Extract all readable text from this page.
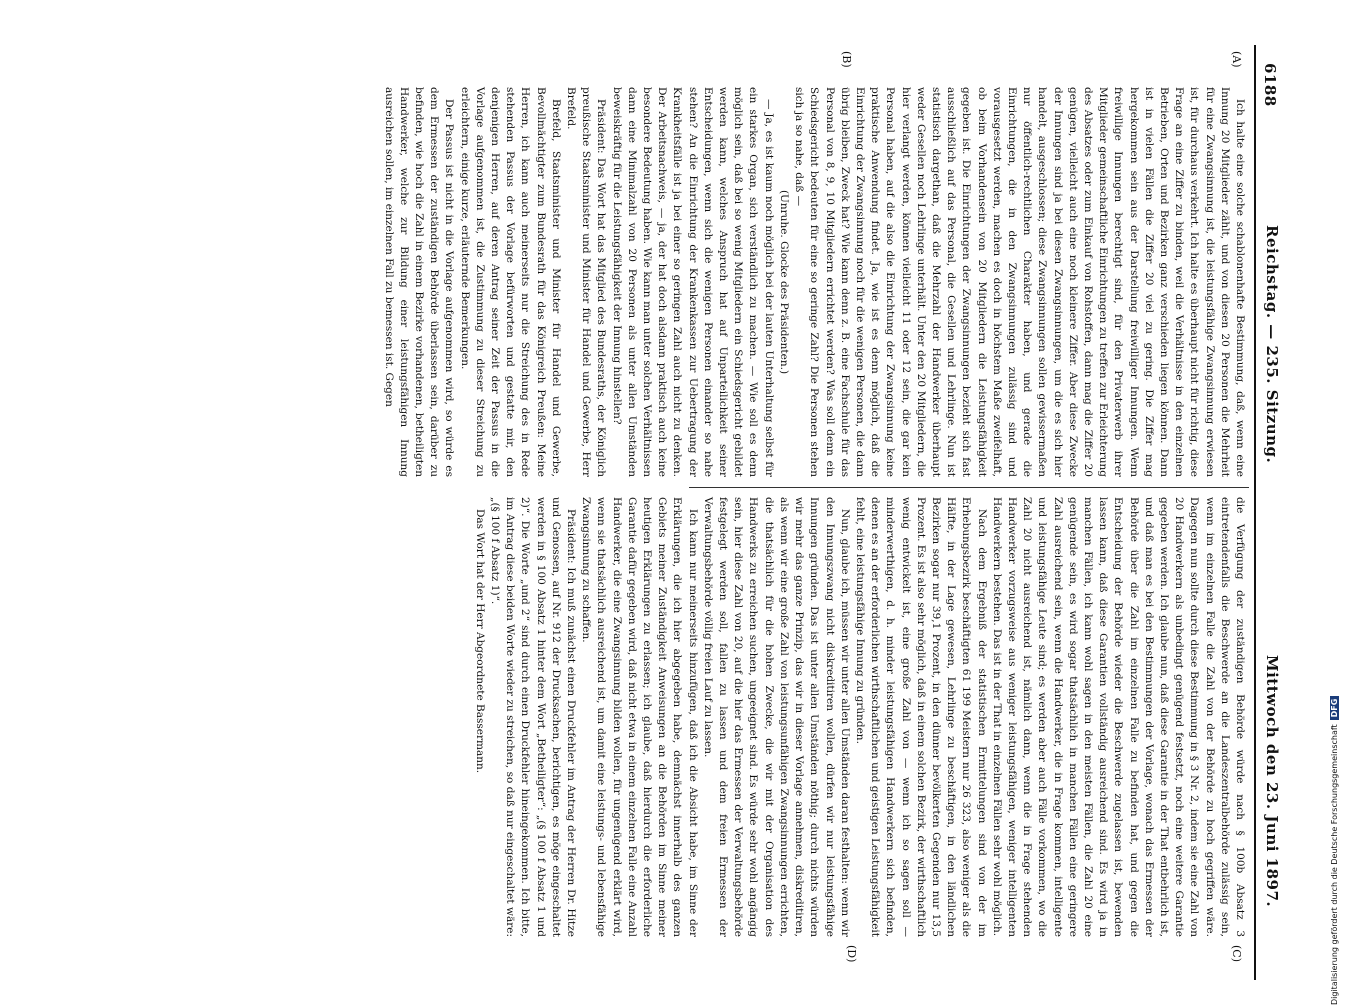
6188
Reichstag. — 235. Sitzung.
Mittwoch den 23. Juni 1897.
(A)
(B)
(C)
(D)

Ich halte eine solche schablonenhafte Bestimmung, daß, wenn eine Innung 20 Mitglieder zählt, und von diesen 20 Personen die Mehrheit für eine Zwangsinnung ist, die leistungsfähige Zwangsinnung erwiesen ist, für durchaus verkehrt. Ich halte es überhaupt nicht für richtig, diese Frage an eine Ziffer zu binden, weil die Verhältnisse in den einzelnen Betrieben, Orten und Bezirken ganz verschieden liegen können. Dann ist in vielen Fällen die Ziffer 20 viel zu gering. Die Ziffer mag hergekommen sein aus der Darstellung freiwilliger Innungen. Wenn freiwillige Innungen berechtigt sind, für den Privaterwerb ihrer Mitglieder gemeinschaftliche Einrichtungen zu treffen zur Erleichterung des Absatzes oder zum Einkauf von Rohstoffen, dann mag die Ziffer 20 genügen, vielleicht auch eine noch kleinere Ziffer. Aber diese Zwecke der Innungen sind ja bei diesen Zwangsinnungen, um die es sich hier handelt, ausgeschlossen; diese Zwangsinnungen sollen gewissermaßen nur öffentlich-rechtlichen Charakter haben, und gerade die Einrichtungen, die in den Zwangsinnungen zulässig sind und vorausgesetzt werden, machen es doch in höchstem Maße zweifelhaft, ob beim Vorhandensein von 20 Mitgliedern die Leistungsfähigkeit gegeben ist. Die Einrichtungen der Zwangsinnungen bezieht sich fast ausschließlich auf das Personal, die Gesellen und Lehrlinge. Nun ist statistisch dargethan, daß die Mehrzahl der Handwerker überhaupt weder Gesellen noch Lehrlinge unterhält. Unter den 20 Mitgliedern, die hier verlangt werden, können vielleicht 11 oder 12 sein, die gar kein Personal haben, auf die also die Einrichtung der Zwangsinnung keine praktische Anwendung findet. Ja, wie ist es denn möglich, daß die Einrichtung der Zwangsinnung noch für die wenigen Personen, die dann übrig bleiben, Zweck hat? Wie kann denn z. B. eine Fachschule für das Personal von 8, 9, 10 Mitgliedern errichtet werden? Was soll denn ein Schiedsgericht bedeuten für eine so geringe Zahl? Die Personen stehen sich ja so nahe, daß —

(Unruhe. Glocke des Präsidenten.)

— Ja, es ist kaum noch möglich bei der lauten Unterhaltung selbst für ein starkes Organ, sich verständlich zu machen. — Wie soll es denn möglich sein, daß bei so wenig Mitgliedern ein Schiedsgericht gebildet werden kann, welches Anspruch hat auf Unparteilichkeit seiner Entscheidungen, wenn sich die wenigen Personen einander so nahe stehen? An die Einrichtung der Krankenkassen zur Uebertragung der Krankheitsfälle ist ja bei einer so geringen Zahl auch nicht zu denken. Der Arbeitsnachweis, — ja, der hat doch alsdann praktisch auch keine besondere Bedeutung haben. Wie kann man unter solchen Verhältnissen dann eine Minimalzahl von 20 Personen als unter allen Umständen beweiskräftig für die Leistungsfähigkeit der Innung hinstellen?

Präsident: Das Wort hat das Mitglied des Bundesraths, der Königlich preußische Staatsminister und Minister für Handel und Gewerbe, Herr Brefeld.

Brefeld, Staatsminister und Minister für Handel und Gewerbe, Bevollmächtigter zum Bundesrath für das Königreich Preußen: Meine Herren, ich kann auch meinerseits nur die Streichung des in Rede stehenden Passus der Vorlage befürworten und gestatte mir, den denjenigen Herren, auf deren Antrag seiner Zeit der Passus in die Vorlage aufgenommen ist, die Zustimmung zu dieser Streichung zu erleichtern, einige kurze, erläuternde Bemerkungen.

Der Passus ist nicht in die Vorlage aufgenommen wird, so würde es dem Ermessen der zuständigen Behörde überlassen sein, darüber zu befinden, wie hoch die Zahl in einem Bezirke vorhandenen, betheiligten Handwerker, welche zur Bildung einer leistungsfähigen Innung ausreichen sollen, im einzelnen Fall zu bemessen ist. Gegen

die Verfügung der zuständigen Behörde würde nach § 100b Absatz 3 eintretendenfalls die Beschwerde an die Landeszentralbehörde zulässig sein, wenn im einzelnen Falle die Zahl von der Behörde zu hoch gegriffen wäre. Dagegen nun sollte durch diese Bestimmung in § 3 Nr. 2, indem sie eine Zahl von 20 Handwerkern als unbedingt genügend festsetzt, noch eine weitere Garantie gegeben werden. Ich glaube nun, daß diese Garantie in der That entbehrlich ist, und daß man es bei den Bestimmungen der Vorlage, wonach das Ermessen der Behörde über die Zahl im einzelnen Falle zu befinden hat, und gegen die Entscheidung der Behörde wieder die Beschwerde zugelassen ist, bewenden lassen kann, daß diese Garantien vollständig ausreichend sind. Es wird ja in manchen Fällen, ich kann wohl sagen in den meisten Fällen, die Zahl 20 eine genügende sein, es wird sogar thatsächlich in manchen Fällen eine geringere Zahl ausreichend sein, wenn die Handwerker, die in Frage kommen, intelligente und leistungsfähige Leute sind; es werden aber auch Fälle vorkommen, wo die Zahl 20 nicht ausreichend ist, nämlich dann, wenn die in Frage stehenden Handwerker vorzugsweise aus weniger leistungsfähigen, weniger intelligenten Handwerkern bestehen. Das ist in der That in einzelnen Fällen sehr wohl möglich.

Nach dem Ergebniß der statistischen Ermittelungen sind von der im Erhebungsbezirk beschäftigten 61 199 Meistern nur 26 323, also weniger als die Hälfte, in der Lage gewesen, Lehrlinge zu beschäftigen, in den ländlichen Bezirken sogar nur 39,1 Prozent, in den dünner bevölkerten Gegenden nur 13,5 Prozent. Es ist also sehr möglich, daß in einem solchen Bezirk, der wirthschaftlich wenig entwickelt ist, eine große Zahl von — wenn ich so sagen soll — minderwerthigen, d. h. minder leistungsfähigen Handwerkern sich befinden, denen es an der erforderlichen wirthschaftlichen und geistigen Leistungsfähigkeit fehlt, eine leistungsfähige Innung zu gründen.

Nun, glaube ich, müssen wir unter allen Umständen daran festhalten: wenn wir den Innungszwang nicht diskreditiren wollen, dürfen wir nur leistungsfähige Innungen gründen. Das ist unter allen Umständen nöthig; durch nichts würden wir mehr das ganze Prinzip, das wir in dieser Vorlage annehmen, diskreditiren, als wenn wir eine große Zahl von leistungsunfähigen Zwangsinnungen errichten, die thatsächlich für die hohen Zwecke, die wir mit der Organisation des Handwerks zu erreichen suchen, ungeeignet sind. Es würde sehr wohl angängig sein, hier diese Zahl von 20, auf die hier das Ermessen der Verwaltungsbehörde festgelegt werden soll, fallen zu lassen und dem freien Ermessen der Verwaltungsbehörde völlig freien Lauf zu lassen.

Ich kann nur meinerseits hinzufügen, daß ich die Absicht habe, im Sinne der Erklärungen, die ich hier abgegeben habe, demnächst innerhalb des ganzen Gebiets meiner Zuständigkeit Anweisungen an die Behörden im Sinne meiner heutigen Erklärungen zu erlassen; ich glaube, daß hierdurch die erforderliche Garantie dafür gegeben wird, daß nicht etwa in einem einzelnen Falle eine Anzahl Handwerker, die eine Zwangsinnung bilden wollen, für ungenügend erklärt wird, wenn sie thatsächlich ausreichend ist, um damit eine leistungs- und lebensfähige Zwangsinnung zu schaffen.

Präsident: Ich muß zunächst einen Druckfehler im Antrag der Herren Dr. Hitze und Genossen, auf Nr. 912 der Drucksachen, berichtigen, es möge eingeschaltet werden in § 100 Absatz 1 hinter dem Wort „Betheiligter“: „(§ 100 f Absatz 1 und 2)“. Die Worte „und 2“ sind durch einen Druckfehler hineingekommen. Ich bitte, im Antrag diese beiden Worte wieder zu streichen, so daß nur eingeschaltet wäre: „(§ 100 f Absatz 1)“.

Das Wort hat der Herr Abgeordnete Bassermann.

Digitalisierung gefördert durch die Deutsche ForschungsgemeinschaftDFG
